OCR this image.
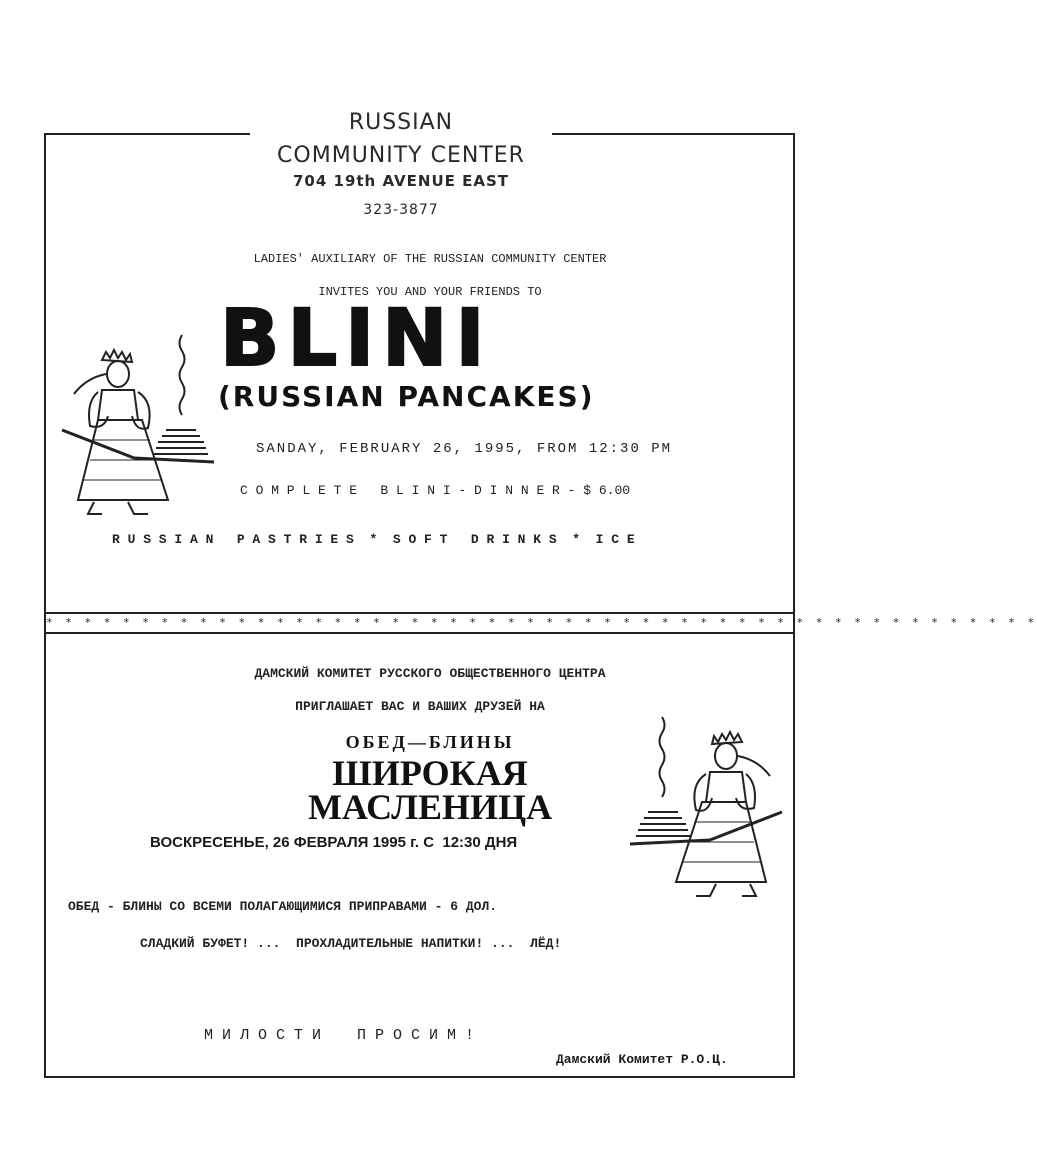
RUSSIAN
COMMUNITY CENTER
704 19th AVENUE EAST
323-3877
LADIES' AUXILIARY OF THE RUSSIAN COMMUNITY CENTER
INVITES YOU AND YOUR FRIENDS TO
BLINI
(RUSSIAN PANCAKES)
SANDAY, FEBRUARY 26, 1995, FROM 12:30 PM
C O M P L E T E   B L I N I - D I N N E R - $ 6.00
R U S S I A N   P A S T R I E S  *  S O F T   D R I N K S  *  I C E
* * * * * * * * * * * * * * * * * * * * * * * * * * * * * * * * * * * * * * * * * * * * * * * * * * * *
ДАМСКИЙ КОМИТЕТ РУССКОГО ОБЩЕСТВЕННОГО ЦЕНТРА
ПРИГЛАШАЕТ ВАС И ВАШИХ ДРУЗЕЙ НА
ОБЕД—БЛИНЫ
ШИРОКАЯ
МАСЛЕНИЦА
ВОСКРЕСЕНЬЕ, 26 ФЕВРАЛЯ 1995 г. С  12:30 ДНЯ
ОБЕД - БЛИНЫ СО ВСЕМИ ПОЛАГАЮЩИМИСЯ ПРИПРАВАМИ - 6 ДОЛ.
СЛАДКИЙ БУФЕТ! ...  ПРОХЛАДИТЕЛЬНЫЕ НАПИТКИ! ...  ЛЁД!
М И Л О С Т И    П Р О С И М !
Дамский Комитет Р.О.Ц.
